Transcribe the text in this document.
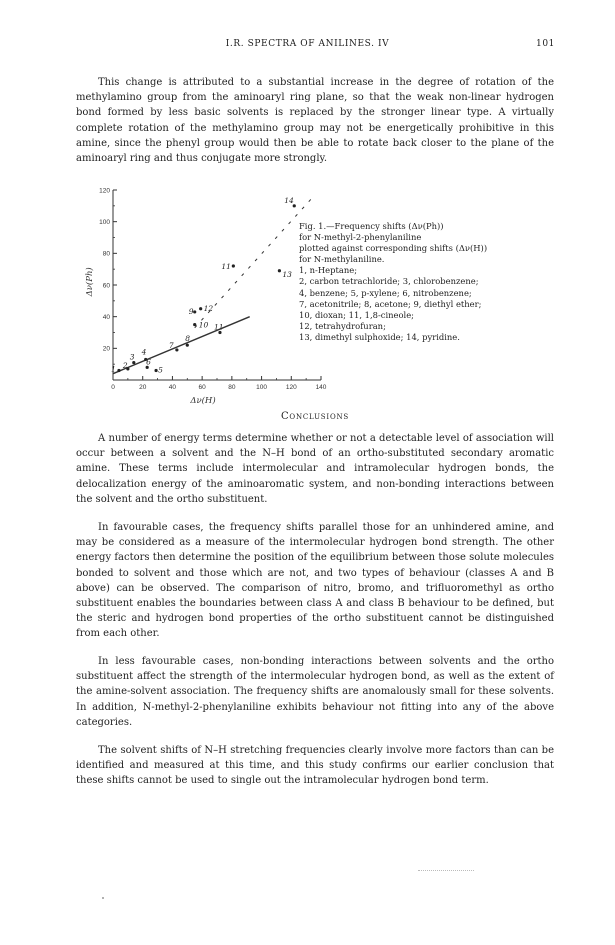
I.R. SPECTRA OF ANILINES. IV	101

This change is attributed to a substantial increase in the degree of rotation of the methylamino group from the aminoaryl ring plane, so that the weak non-linear hydrogen bond formed by less basic solvents is replaced by the stronger linear type. A virtually complete rotation of the methylamino group may not be energetically prohibitive in this amine, since the phenyl group would then be able to rotate back closer to the plane of the aminoaryl ring and thus conjugate more strongly.

0	20	40	60	80	100	120	140
20
40
60
80
100
120
Δν(H)
Δν(Ph)
1 2
3
4
5
6
7
8
9
10 11
11
12
13
14
Fig. 1.—Frequency shifts (Δν(Ph))
for N-methyl-2-phenylaniline
plotted against corresponding shifts (Δν(H))
for N-methylaniline.
1, n-Heptane;
2, carbon tetrachloride; 3, chlorobenzene;
4, benzene; 5, p-xylene; 6, nitrobenzene;
7, acetonitrile; 8, acetone; 9, diethyl ether;
10, dioxan; 11, 1,8-cineole;
12, tetrahydrofuran;
13, dimethyl sulphoxide; 14, pyridine.
Conclusions

A number of energy terms determine whether or not a detectable level of association will occur between a solvent and the N–H bond of an ortho-substituted secondary aromatic amine. These terms include intermolecular and intramolecular hydrogen bonds, the delocalization energy of the aminoaromatic system, and non-bonding interactions between the solvent and the ortho substituent.

In favourable cases, the frequency shifts parallel those for an unhindered amine, and may be considered as a measure of the intermolecular hydrogen bond strength. The other energy factors then determine the position of the equilibrium between those solute molecules bonded to solvent and those which are not, and two types of behaviour (classes A and B above) can be observed. The comparison of nitro, bromo, and trifluoromethyl as ortho substituent enables the boundaries between class A and class B behaviour to be defined, but the steric and hydrogen bond properties of the ortho substituent cannot be distinguished from each other.

In less favourable cases, non-bonding interactions between solvents and the ortho substituent affect the strength of the intermolecular hydrogen bond, as well as the extent of the amine-solvent association. The frequency shifts are anomalously small for these solvents. In addition, N-methyl-2-phenylaniline exhibits behaviour not fitting into any of the above categories.

The solvent shifts of N–H stretching frequencies clearly involve more factors than can be identified and measured at this time, and this study confirms our earlier conclusion that these shifts cannot be used to single out the intramolecular hydrogen bond term.
